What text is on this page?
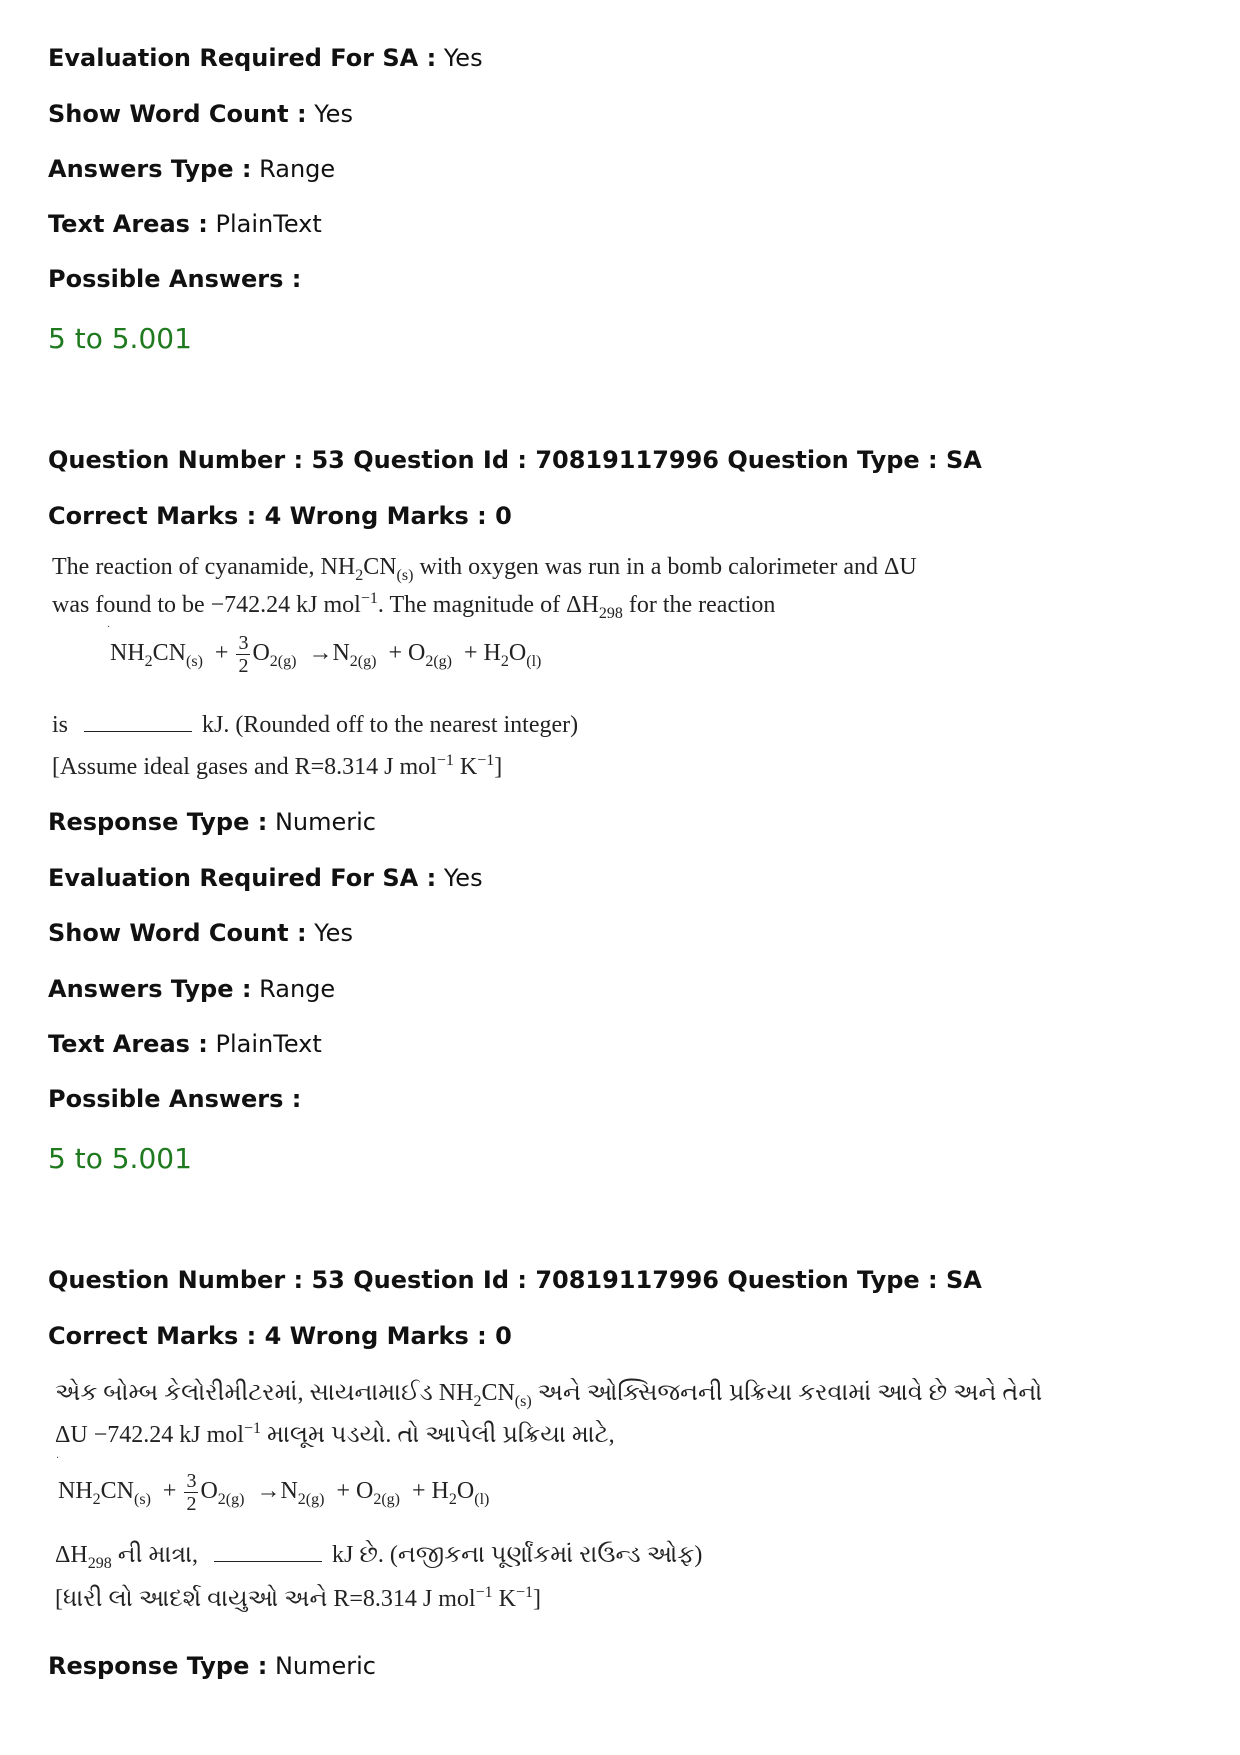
Evaluation Required For SA : Yes
Show Word Count : Yes
Answers Type : Range
Text Areas : PlainText
Possible Answers :
5 to 5.001
Question Number : 53 Question Id : 70819117996 Question Type : SA
Correct Marks : 4 Wrong Marks : 0
The reaction of cyanamide, $NH_2CN_{(s)}$ with oxygen was run in a bomb calorimeter and ΔU
was found to be −742.24 kJ mol$^{-1}$. The magnitude of $\Delta H_{298}$ for the reaction
·
$NH_2CN_{(s)} + \frac{3}{2} O_{2(g)} \to N_{2(g)} + O_{2(g)} + H_2O_{(l)}$
is	kJ. (Rounded off to the nearest integer)
[Assume ideal gases and R=8.314 J mol$^{-1}$ $K^{-1}$]
Response Type : Numeric
Evaluation Required For SA : Yes
Show Word Count : Yes
Answers Type : Range
Text Areas : PlainText
Possible Answers :
5 to 5.001
Question Number : 53 Question Id : 70819117996 Question Type : SA
Correct Marks : 4 Wrong Marks : 0
એક બોમ્બ કેલોરીમીટરમાં, સાયનામાઈડ $NH_2CN_{(s)}$ અને ઓક્સિજનની પ્રક્રિયા કરવામાં આવે છે અને તેનો
ΔU −742.24 kJ mol$^{-1}$ માલૂમ પડયો. તો આપેલી પ્રક્રિયા માટે,
·
$NH_2CN_{(s)} + \frac{3}{2} O_{2(g)} \to N_{2(g)} + O_{2(g)} + H_2O_{(l)}$
$\Delta H_{298}$ ની માત્રા,	kJ છે. (નજીકના પૂર્ણાંકમાં રાઉન્ડ ઓફ)
[ધારી લો આદર્શ વાયુઓ અને R=8.314 J mol$^{-1}$ $K^{-1}$]
Response Type : Numeric
